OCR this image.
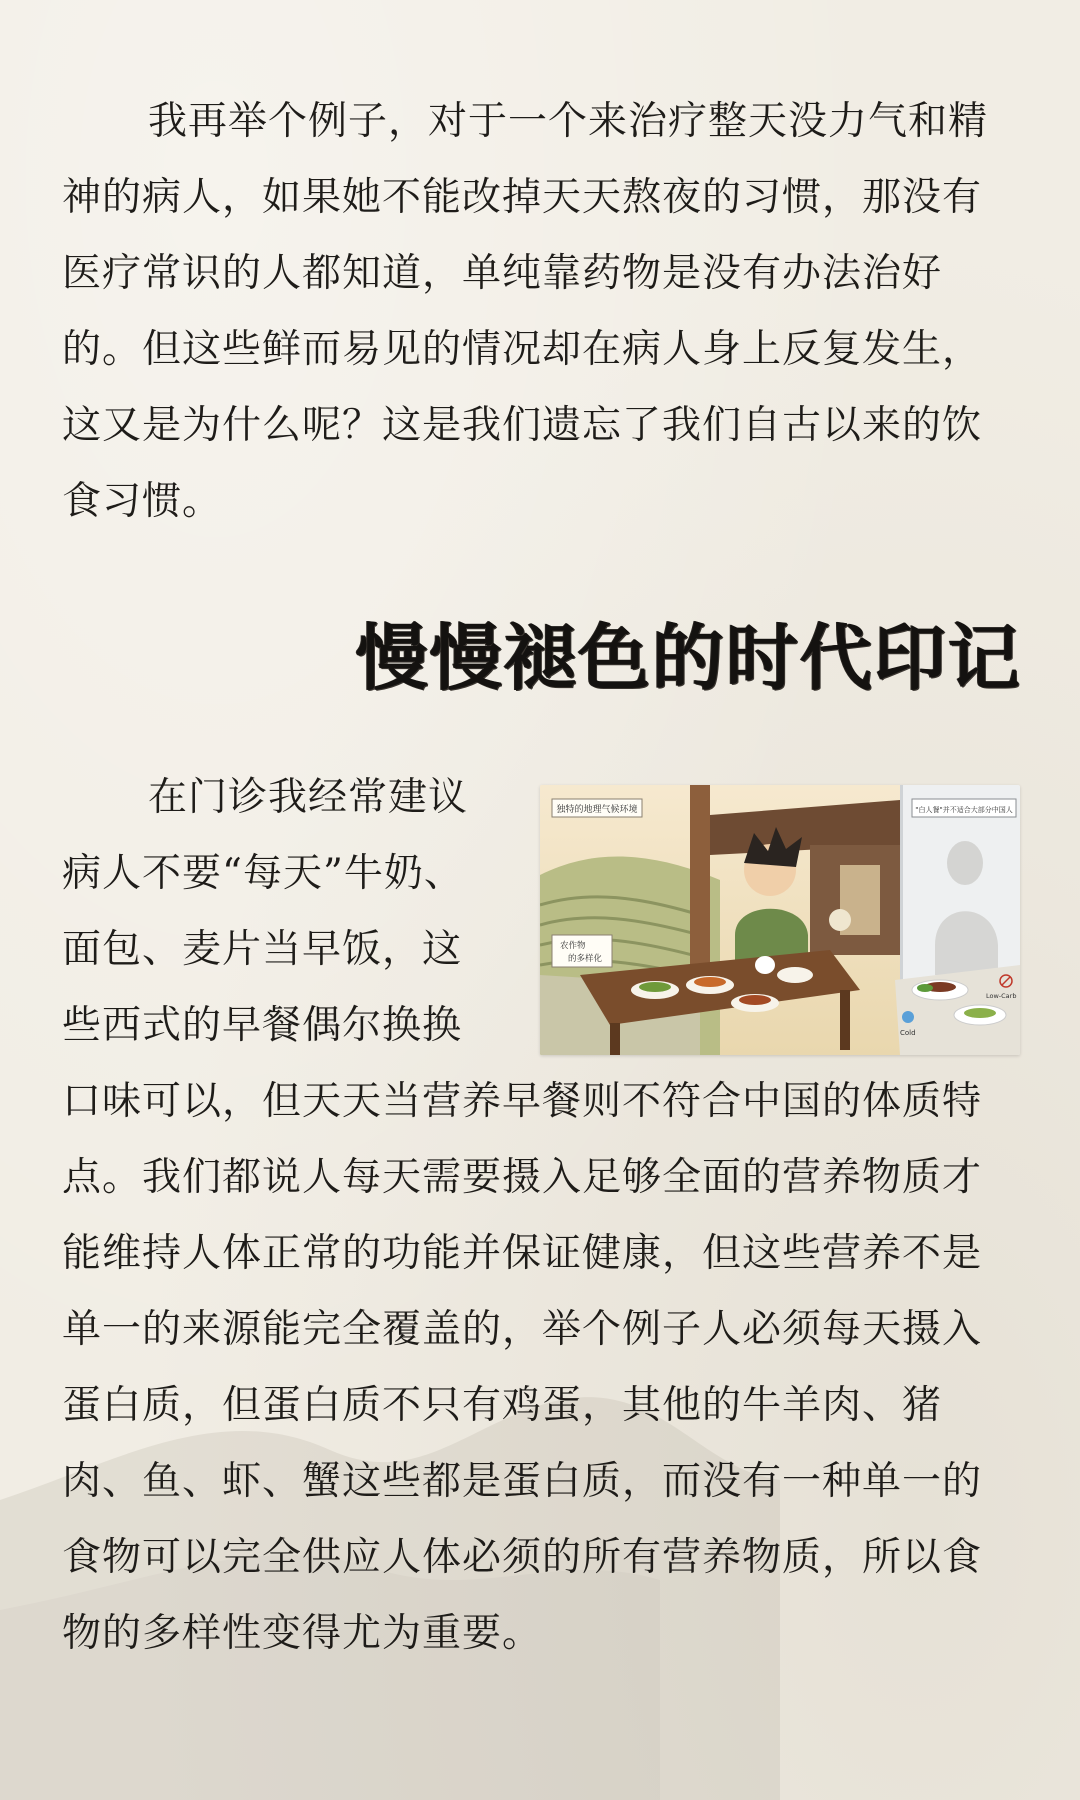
我再举个例子，对于一个来治疗整天没力气和精神的病人，如果她不能改掉天天熬夜的习惯，那没有医疗常识的人都知道，单纯靠药物是没有办法治好的。但这些鲜而易见的情况却在病人身上反复发生，这又是为什么呢？这是我们遗忘了我们自古以来的饮食习惯。

慢慢褪色的时代印记

在门诊我经常建议病人不要“每天”牛奶、面包、麦片当早饭，这些西式的早餐偶尔换换

独特的地理气候环境
农作物
的多样化
"白人餐"并不适合大部分中国人
Cold
Low-Carb

口味可以，但天天当营养早餐则不符合中国的体质特点。我们都说人每天需要摄入足够全面的营养物质才能维持人体正常的功能并保证健康，但这些营养不是单一的来源能完全覆盖的，举个例子人必须每天摄入蛋白质，但蛋白质不只有鸡蛋，其他的牛羊肉、猪肉、鱼、虾、蟹这些都是蛋白质，而没有一种单一的食物可以完全供应人体必须的所有营养物质，所以食物的多样性变得尤为重要。
